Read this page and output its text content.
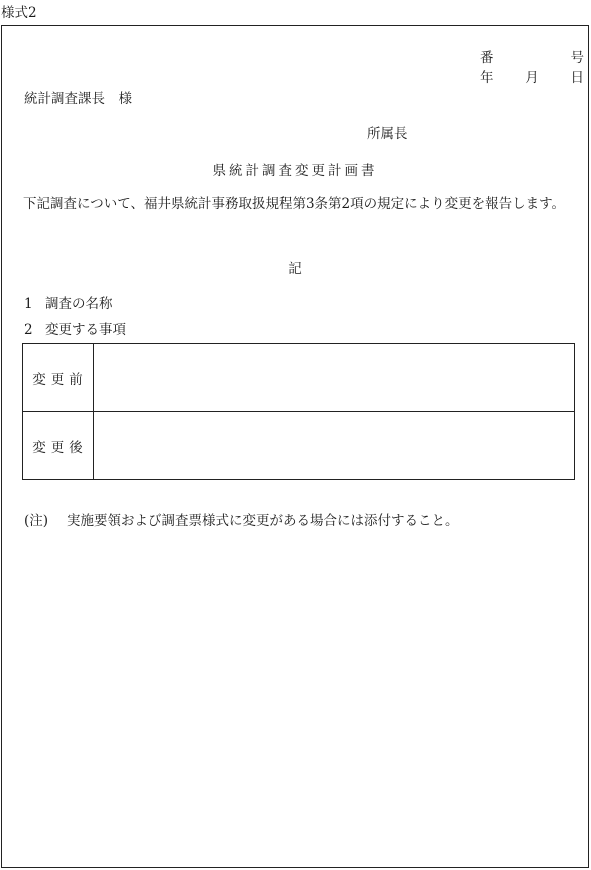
様式2
番	号
年 月 日
統計調査課長　様
所属長
県統計調査変更計画書
下記調査について、福井県統計事務取扱規程第3条第2項の規定により変更を報告します。
記
1 調査の名称
2 変更する事項
変更前	
変更後	
(注) 実施要領および調査票様式に変更がある場合には添付すること。
